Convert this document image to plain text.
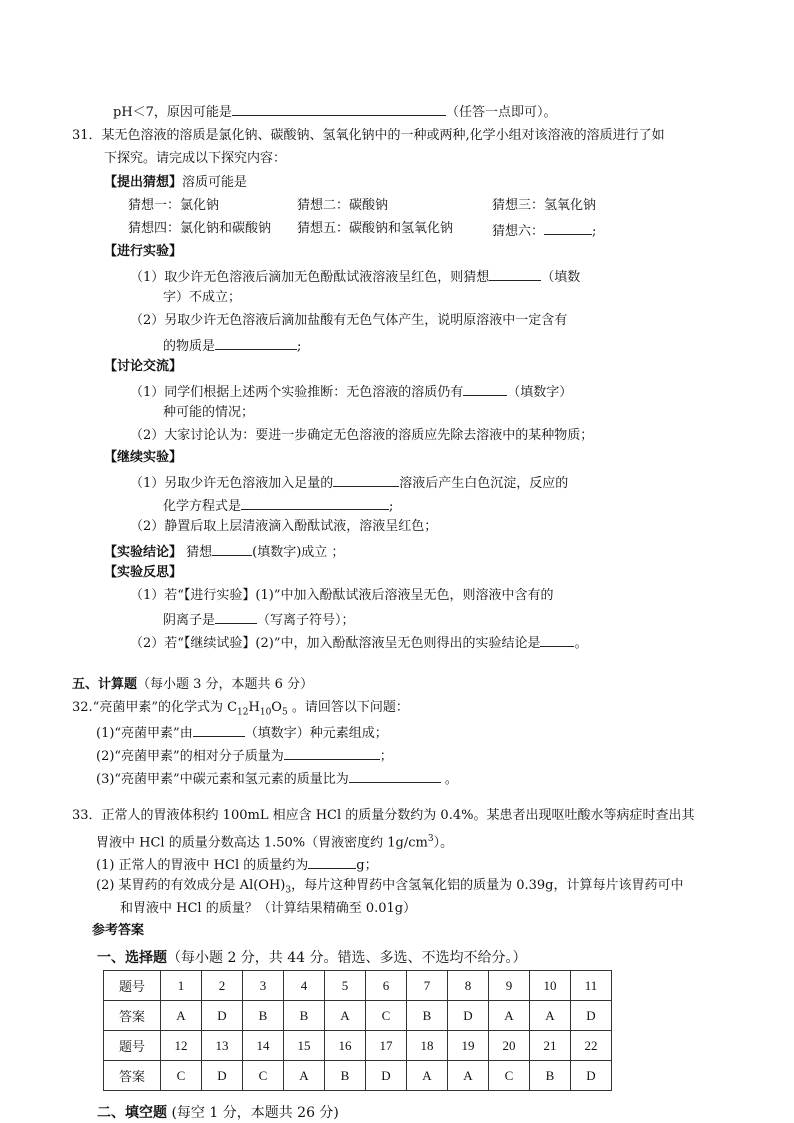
pH＜7，原因可能是	（任答一点即可）。
31．某无色溶液的溶质是氯化钠、碳酸钠、氢氧化钠中的一种或两种,化学小组对该溶液的溶质进行了如
下探究。请完成以下探究内容：
【提出猜想】溶质可能是
猜想一：氯化钠	猜想二：碳酸钠	猜想三：氢氧化钠
猜想四：氯化钠和碳酸钠 猜想五：碳酸钠和氢氧化钠	猜想六：	;
【进行实验】
（1）取少许无色溶液后滴加无色酚酞试液溶液呈红色，则猜想	（填数
字）不成立；
（2）另取少许无色溶液后滴加盐酸有无色气体产生，说明原溶液中一定含有
的物质是	;
【讨论交流】
（1）同学们根据上述两个实验推断：无色溶液的溶质仍有	（填数字）
种可能的情况；
（2）大家讨论认为：要进一步确定无色溶液的溶质应先除去溶液中的某种物质；
【继续实验】
（1）另取少许无色溶液加入足量的	溶液后产生白色沉淀，反应的
化学方程式是	;
（2）静置后取上层清液滴入酚酞试液，溶液呈红色；
【实验结论】 猜想	(填数字)成立 ；
【实验反思】
（1）若“【进行实验】(1)”中加入酚酞试液后溶液呈无色，则溶液中含有的
阴离子是	（写离子符号）；
（2）若“【继续试验】(2)”中，加入酚酞溶液呈无色则得出的实验结论是	。
五、计算题（每小题 3 分，本题共 6 分）
32.“亮菌甲素”的化学式为 $C_{12}H_{10}O_5$ 。请回答以下问题：
(1)“亮菌甲素”由	（填数字）种元素组成；
(2)“亮菌甲素”的相对分子质量为	；
(3)“亮菌甲素”中碳元素和氢元素的质量比为	。
33．正常人的胃液体积约 100mL 相应含 HCl 的质量分数约为 0.4%。某患者出现呕吐酸水等病症时查出其
胃液中 HCl 的质量分数高达 1.50%（胃液密度约 $1g/cm^3$）。
(1) 正常人的胃液中 HCl 的质量约为	g；
(2) 某胃药的有效成分是 $Al(OH)_3$，每片这种胃药中含氢氧化铝的质量为 0.39g，计算每片该胃药可中
和胃液中 HCl 的质量？（计算结果精确至 0.01g）
参考答案
一、选择题（每小题 2 分，共 44 分。错选、多选、不选均不给分。）
题号	1	2	3	4	5	6	7	8	9	10	11
答案	A	D	B	B	A	C	B	D	A	A	D
题号	12	13	14	15	16	17	18	19	20	21	22
答案	C	D	C	A	B	D	A	A	C	B	D
二、填空题 (每空 1 分，本题共 26 分)
